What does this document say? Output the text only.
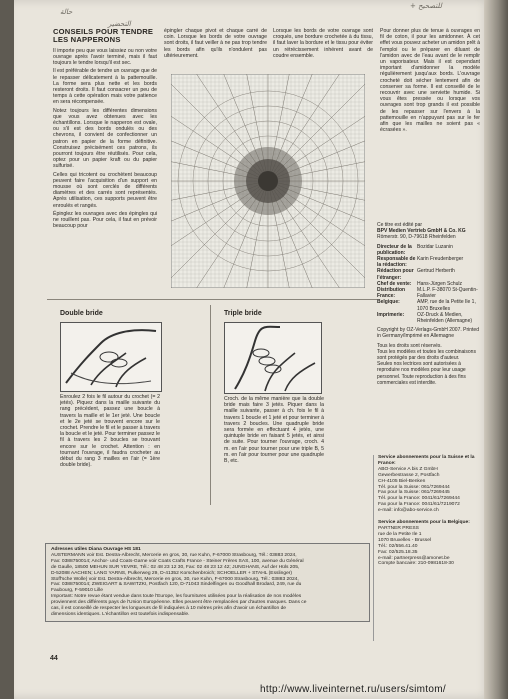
حالة
التحضير
+ للتصحيح
CONSEILS POUR TENDRE
LES NAPPERONS

Il importe peu que vous laissiez ou non votre ouvrage après l'avoir terminé, mais il faut toujours le tendre lorsqu'il est sec.

Il est préférable de tendre un ouvrage que de le repasser délicatement à la pattemouille. La forme sera plus nette et les bords resteront droits. Il faut consacrer un peu de temps à cette opération mais votre patience en sera récompensée.

Notez toujours les différentes dimensions que vous avez obtenues avec les échantillons. Lorsque le napperon est ovale, ou s'il est des bords ondulés ou des chevrons, il convient de confectionner un patron en papier de la forme définitive. Construisez précisément ces patrons, ils pourront toujours être réutilisés. Pour cela, optez pour un papier kraft ou du papier sulfurisé.

Celles qui tricotent ou crochètent beaucoup peuvent faire l'acquisition d'un support en mousse où sont cerclés de différents diamètres et des carrés sont représentés. Après utilisation, ces supports peuvent être enroulés et rangés.

Épinglez les ouvrages avec des épingles qui ne rouillent pas. Pour cela, il faut en prévoir beaucoup pour

épingler chaque pivot et chaque carré de coin. Lorsque les bords de votre ouvrage sont droits, il faut veiller à ne pas trop tendre les bords afin qu'ils n'ondulent pas ultérieurement.

Lorsque les bords de votre ouvrage sont croqués, une bordure crochetée à du tissu, il faut laver la bordure et le tissu pour éviter un rétrécissement inhérent avant de coudre ensemble.

Pour donner plus de tenue à ouvrages en fil de coton, il pour les amidonner. À cet effet vous pouvez acheter un amidon prêt à l'emploi ou le préparer en diluant de l'amidon avec de l'eau avant de le remplir un vaporisateur. Mais il est cependant important d'amidonner la modèle régulièrement jusqu'aux bords. L'ouvrage crocheté doit sécher lentement afin de conserver sa forme. Il est conseillé de le recouvrir avec une serviette humide. Si vous êtes pressée ou lorsque vos ouvrages sont trop grands il est possible de les repasser sur l'envers à la pattemouille en n'appuyant pas sur le fer afin que les mailles ne soient pas « écrasées ».

Double bride

Enroulez 2 fois le fil autour du crochet (= 2 jetés). Piquez dans la maille suivante du rang précédent, passez une boucle à travers la maille et le 1er jeté. Une boucle et le 2e jeté se trouvent encore sur le crochet. Prendre le fil et le passer à travers la boucle et le jeté. Pour terminer passez le fil à travers les 2 boucles se trouvant encore sur le crochet. Attention : en tournant l'ouvrage, il faudra crocheter au début du rang 3 mailles en l'air (= 1ère double bride).

Triple bride

Croch. de la même manière que la double bride mais faire 3 jetés. Piquer dans la maille suivante, passer à ch. fois le fil à travers 1 boucle et 1 jeté et pour terminer à travers 2 boucles. Une quadruple bride sera formée en effectuant 4 jetés, une quintuple bride en faisant 5 jetés, et ainsi de suite. Pour tourner l'ouvrage, croch. 4 m. en l'air pour tourner pour une triple B, 5 m. en l'air pour tourner pour une quadruple B, etc.

Ce titre est édité par
BPV Medien Vertrieb GmbH & Co. KG
Römerstr. 90, D-79618 Rheinfelden
Directeur de la publication:
Bozidar Luzanin
Responsable de la rédaction:
Karin Freudenberger
Rédaction pour l'étranger:
Gertrud Herberth
Chef de vente:	Hans-Jürgen Schulz
Distribution France:
M.L.P. F-38070 St-Quentin-Fallavier
Belgique:	AMP, rue de la Petite Ile 1, 1070 Bruxelles
Imprimerie:	OZ-Druck & Medien, Rheinfelden (Allemagne)
Copyright by OZ-Verlags-GmbH 2007. Printed in Germany/Imprimé en Allemagne
Tous les droits sont réservés.
Tous les modèles et toutes les combinaisons sont protégés par des droits d'auteur.
Seules nos lectrices sont autorisées à reproduire nos modèles pour leur usage personnel. Toute reproduction à des fins commerciales est interdite.
Adresses utiles Diana Ouvrage HS 181
AUSTERMANN voir Est. Destra-Albrecht, Mercerie en gros, 30, rue Kuhn, F-67000 Strasbourg, Tél.: 03883 2024,
Fax: 0388750014; Anchor- und Coats-Garne voir Coats Crafts France - Steiner Frères SAS, 100, avenue du Général
de Gaulle, 18500 MEHUN SUR YEVRE, Tél.: 02 48 23 12 30, Fax: 02 48 23 12 42; JUNGHANS, Auf der Hüls 205,
D-52088 AACHEN; LANG YARNS, Pulkerweg 29, D-41352 Korschenbroich; SCHOELLER + STAHL (Esslinger)
Stoff'sche Wolle) voir Est. Destra-Albrecht, Mercerie en gros, 30, rue Kuhn, F-67000 Strasbourg, Tél.: 03883 2024,
Fax: 0388750014; ZWEIGART & SAWITZKI, Postfach 120, D-71043 Sindelfingen ou Goodhall Brodard, 249, rue du
Faubourg, F-59010 Lille
Important: Notre revue étant vendue dans toute l'Europe, les fournitures utilisées pour la réalisation de nos modèles
proviennent des différents pays de l'Union Européenne. Elles peuvent être remplacées par d'autres marques. Dans ce
cas, il est conseillé de respecter les longueurs de fil indiquées à 10 mètres près afin d'avoir un échantillon de
dimensions identiques. L'échantillon est toutefois indispensable.
Service abonnements pour la Suisse et la France:
ABO-Service A bis Z GmbH
Gewerbestrasse 2, Postfach
CH-4105 Biel-Benken
Tél. pour la Suisse: 061/7269444
Fax pour la Suisse: 061/7269445
Tél. pour la France: 0041/61/7269444
Fax pour la France: 0041/61/7219072
e-mail: info@abo-service.ch
Service abonnements pour la Belgique:
PARTNER PRESS
rue de la Petite Ile 1
1070 Bruxelles - Brussel
Tél.: 02/556.41.40
Fax: 02/525.18.35
e-mail: partnerpress@amonet.be
Compte bancaire: 210-0981618-30
44
http://www.liveinternet.ru/users/simtom/
